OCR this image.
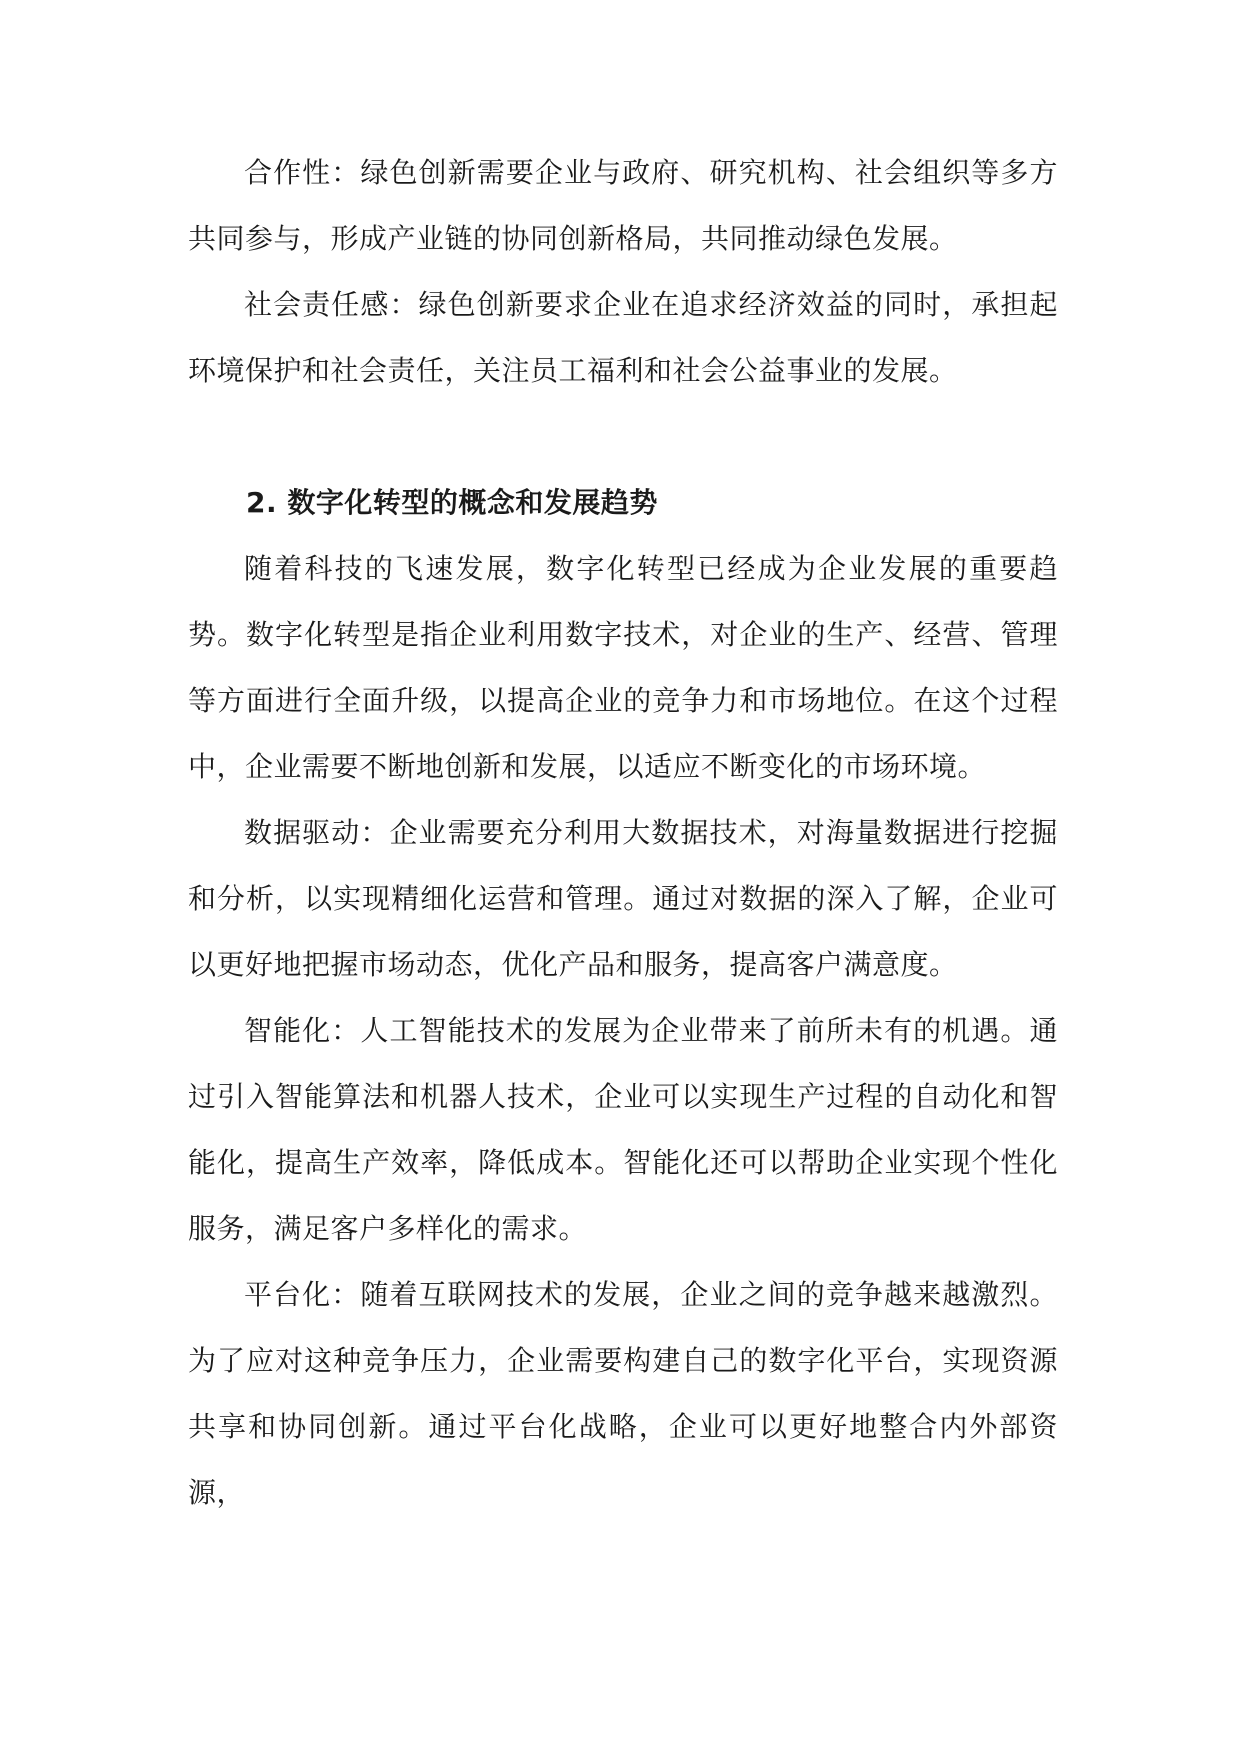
合作性：绿色创新需要企业与政府、研究机构、社会组织等多方共同参与，形成产业链的协同创新格局，共同推动绿色发展。

社会责任感：绿色创新要求企业在追求经济效益的同时，承担起环境保护和社会责任，关注员工福利和社会公益事业的发展。

2. 数字化转型的概念和发展趋势

随着科技的飞速发展，数字化转型已经成为企业发展的重要趋势。数字化转型是指企业利用数字技术，对企业的生产、经营、管理等方面进行全面升级，以提高企业的竞争力和市场地位。在这个过程中，企业需要不断地创新和发展，以适应不断变化的市场环境。

数据驱动：企业需要充分利用大数据技术，对海量数据进行挖掘和分析，以实现精细化运营和管理。通过对数据的深入了解，企业可以更好地把握市场动态，优化产品和服务，提高客户满意度。

智能化：人工智能技术的发展为企业带来了前所未有的机遇。通过引入智能算法和机器人技术，企业可以实现生产过程的自动化和智能化，提高生产效率，降低成本。智能化还可以帮助企业实现个性化服务，满足客户多样化的需求。

平台化：随着互联网技术的发展，企业之间的竞争越来越激烈。为了应对这种竞争压力，企业需要构建自己的数字化平台，实现资源共享和协同创新。通过平台化战略，企业可以更好地整合内外部资源，
